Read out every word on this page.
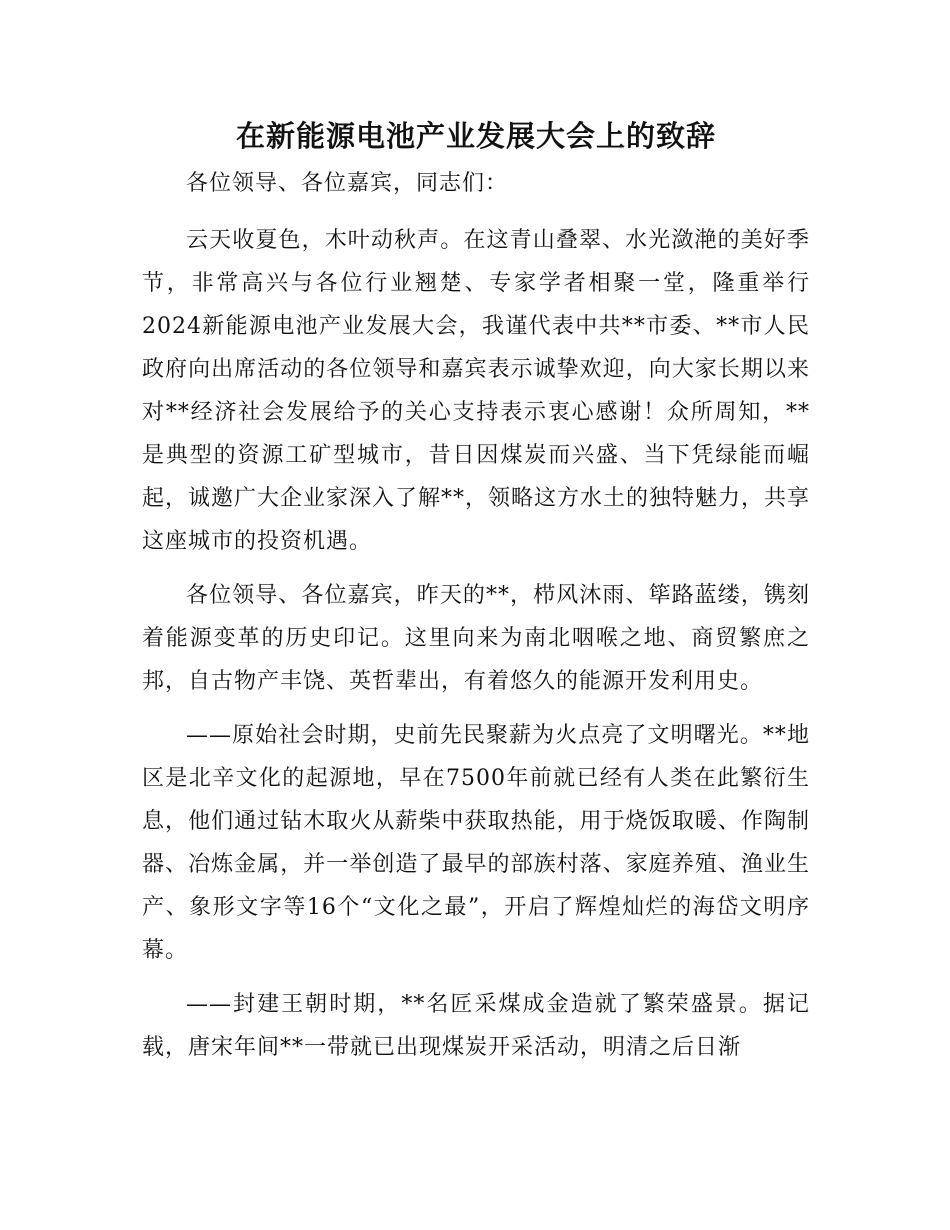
在新能源电池产业发展大会上的致辞

各位领导、各位嘉宾，同志们：

云天收夏色，木叶动秋声。在这青山叠翠、水光潋滟的美好季节，非常高兴与各位行业翘楚、专家学者相聚一堂，隆重举行2024新能源电池产业发展大会，我谨代表中共**市委、**市人民政府向出席活动的各位领导和嘉宾表示诚挚欢迎，向大家长期以来对**经济社会发展给予的关心支持表示衷心感谢！众所周知，**是典型的资源工矿型城市，昔日因煤炭而兴盛、当下凭绿能而崛起，诚邀广大企业家深入了解**，领略这方水土的独特魅力，共享这座城市的投资机遇。

各位领导、各位嘉宾，昨天的**，栉风沐雨、筚路蓝缕，镌刻着能源变革的历史印记。这里向来为南北咽喉之地、商贸繁庶之邦，自古物产丰饶、英哲辈出，有着悠久的能源开发利用史。

——原始社会时期，史前先民聚薪为火点亮了文明曙光。**地区是北辛文化的起源地，早在7500年前就已经有人类在此繁衍生息，他们通过钻木取火从薪柴中获取热能，用于烧饭取暖、作陶制器、冶炼金属，并一举创造了最早的部族村落、家庭养殖、渔业生产、象形文字等16个“文化之最”，开启了辉煌灿烂的海岱文明序幕。

——封建王朝时期，**名匠采煤成金造就了繁荣盛景。据记载，唐宋年间**一带就已出现煤炭开采活动，明清之后日渐
